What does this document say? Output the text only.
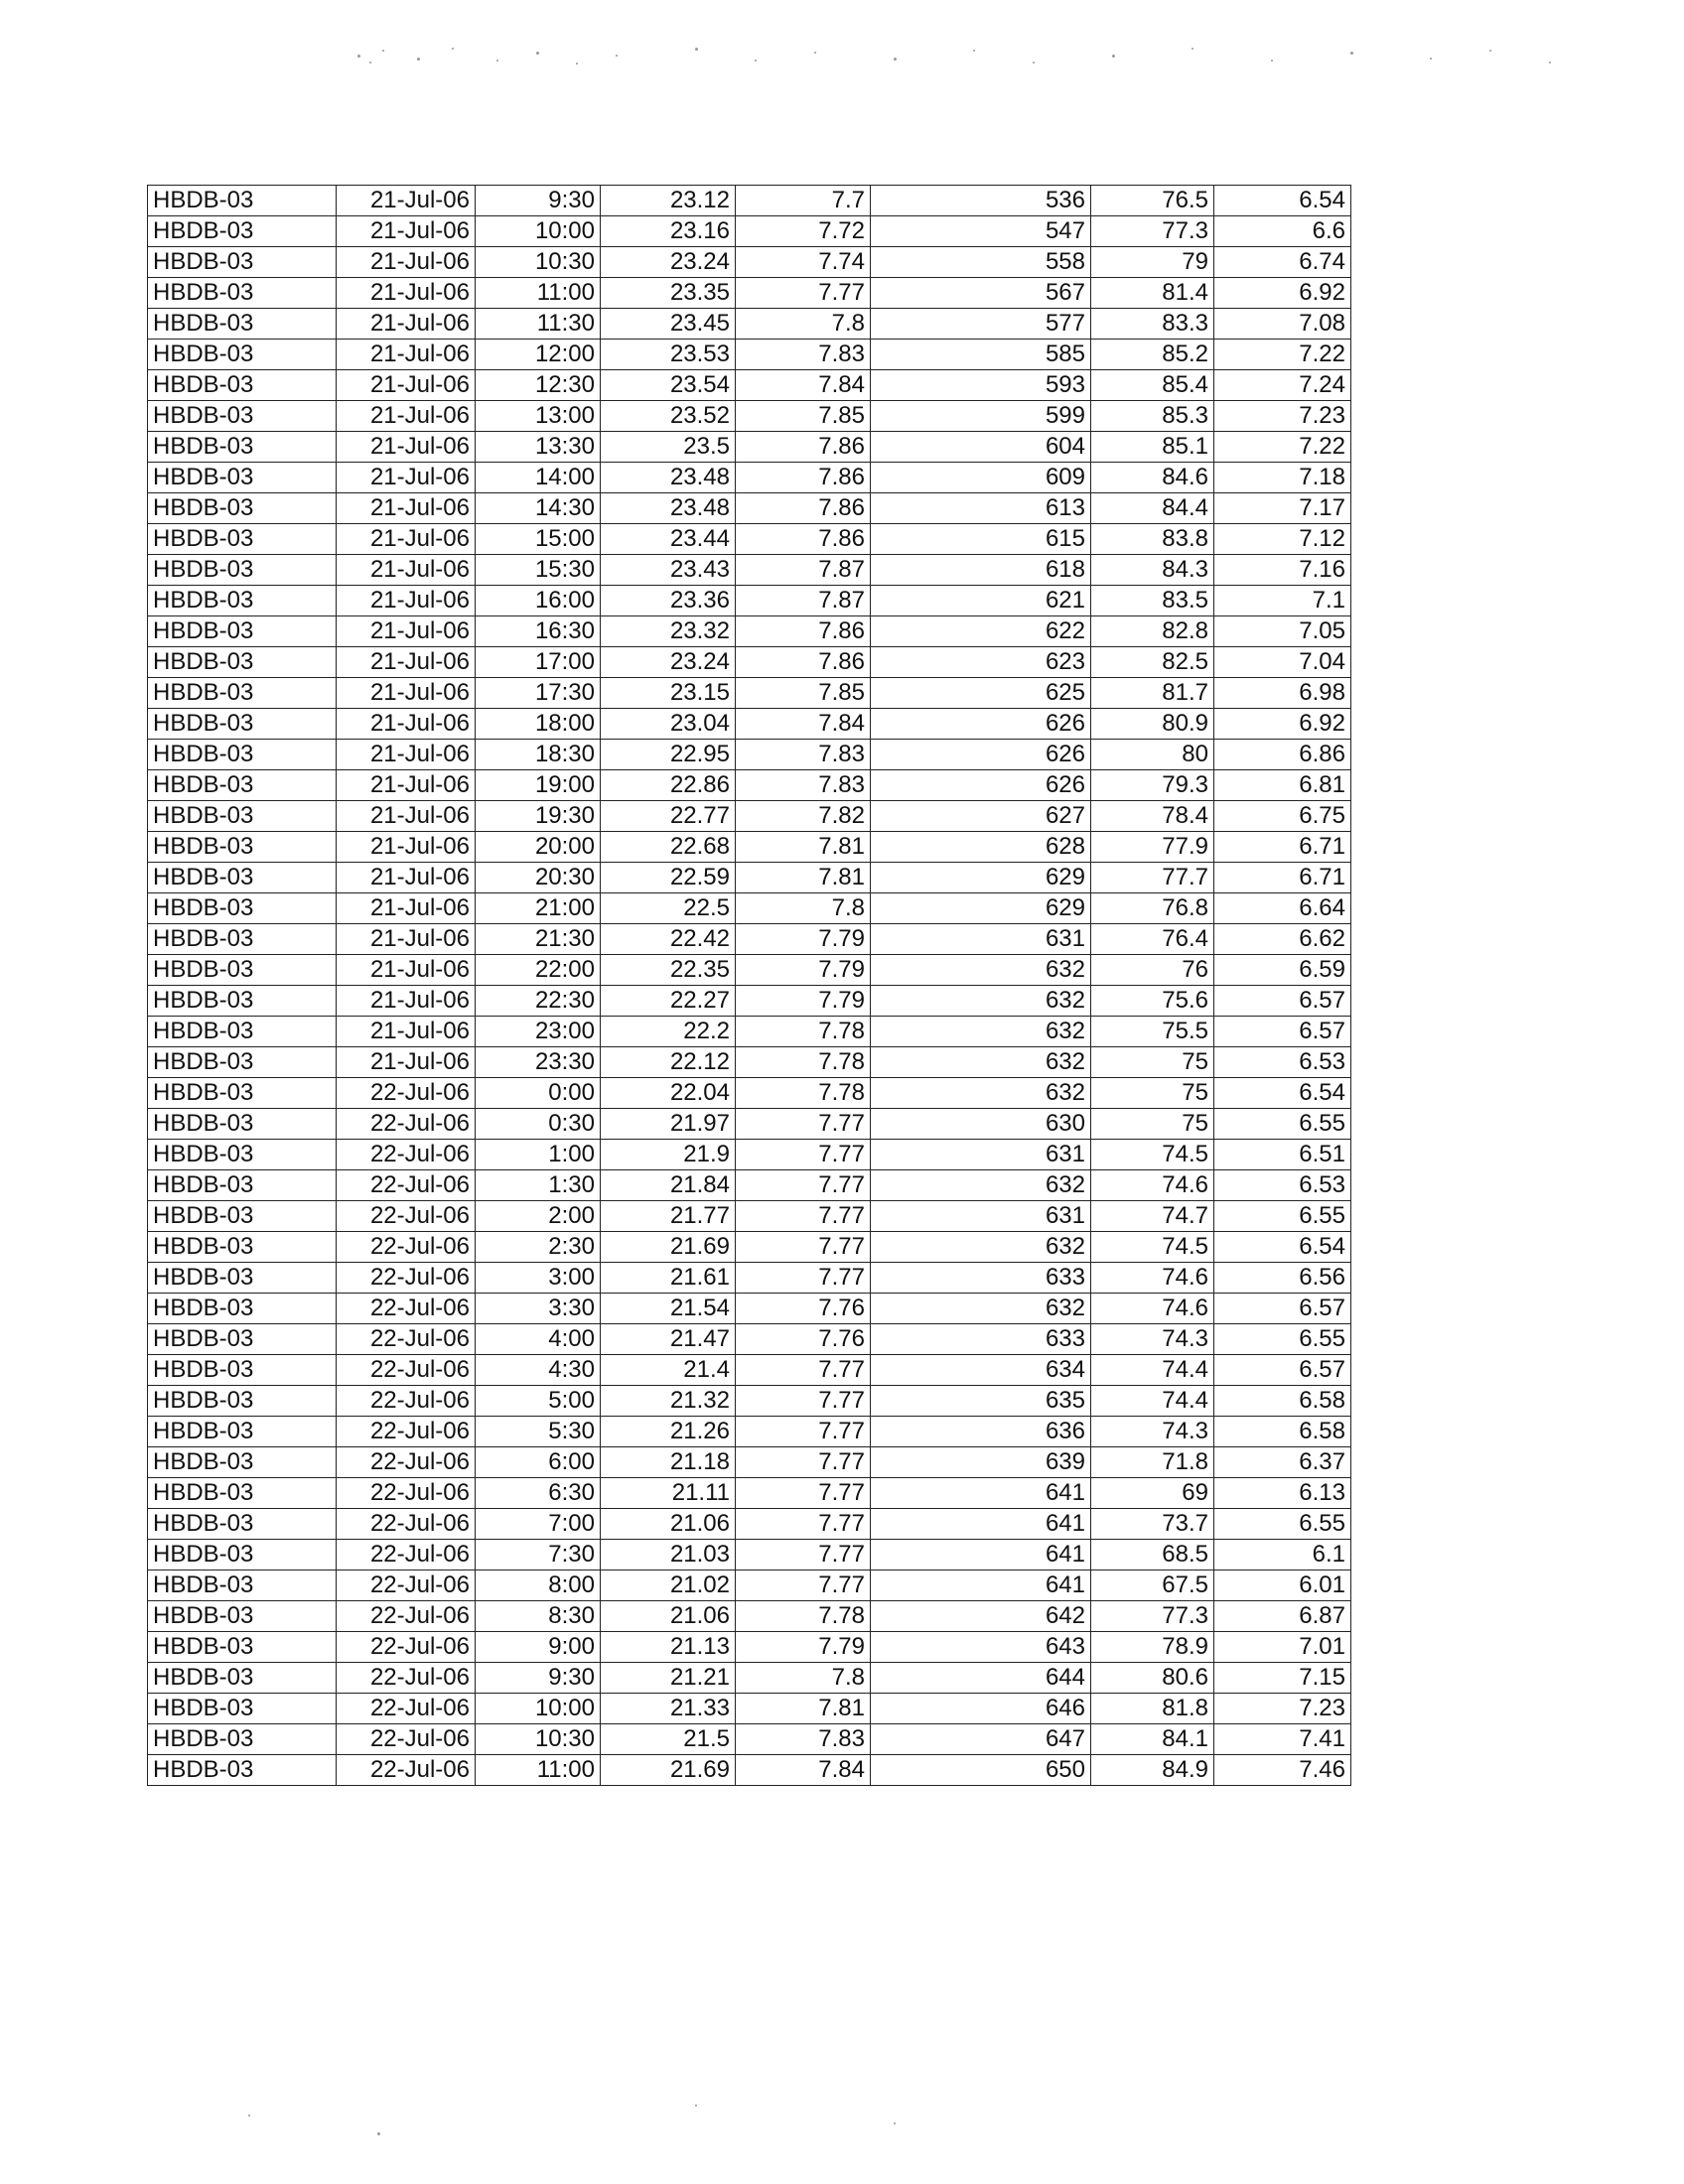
HBDB-03	21-Jul-06	9:30	23.12	7.7	536	76.5	6.54
HBDB-03	21-Jul-06	10:00	23.16	7.72	547	77.3	6.6
HBDB-03	21-Jul-06	10:30	23.24	7.74	558	79	6.74
HBDB-03	21-Jul-06	11:00	23.35	7.77	567	81.4	6.92
HBDB-03	21-Jul-06	11:30	23.45	7.8	577	83.3	7.08
HBDB-03	21-Jul-06	12:00	23.53	7.83	585	85.2	7.22
HBDB-03	21-Jul-06	12:30	23.54	7.84	593	85.4	7.24
HBDB-03	21-Jul-06	13:00	23.52	7.85	599	85.3	7.23
HBDB-03	21-Jul-06	13:30	23.5	7.86	604	85.1	7.22
HBDB-03	21-Jul-06	14:00	23.48	7.86	609	84.6	7.18
HBDB-03	21-Jul-06	14:30	23.48	7.86	613	84.4	7.17
HBDB-03	21-Jul-06	15:00	23.44	7.86	615	83.8	7.12
HBDB-03	21-Jul-06	15:30	23.43	7.87	618	84.3	7.16
HBDB-03	21-Jul-06	16:00	23.36	7.87	621	83.5	7.1
HBDB-03	21-Jul-06	16:30	23.32	7.86	622	82.8	7.05
HBDB-03	21-Jul-06	17:00	23.24	7.86	623	82.5	7.04
HBDB-03	21-Jul-06	17:30	23.15	7.85	625	81.7	6.98
HBDB-03	21-Jul-06	18:00	23.04	7.84	626	80.9	6.92
HBDB-03	21-Jul-06	18:30	22.95	7.83	626	80	6.86
HBDB-03	21-Jul-06	19:00	22.86	7.83	626	79.3	6.81
HBDB-03	21-Jul-06	19:30	22.77	7.82	627	78.4	6.75
HBDB-03	21-Jul-06	20:00	22.68	7.81	628	77.9	6.71
HBDB-03	21-Jul-06	20:30	22.59	7.81	629	77.7	6.71
HBDB-03	21-Jul-06	21:00	22.5	7.8	629	76.8	6.64
HBDB-03	21-Jul-06	21:30	22.42	7.79	631	76.4	6.62
HBDB-03	21-Jul-06	22:00	22.35	7.79	632	76	6.59
HBDB-03	21-Jul-06	22:30	22.27	7.79	632	75.6	6.57
HBDB-03	21-Jul-06	23:00	22.2	7.78	632	75.5	6.57
HBDB-03	21-Jul-06	23:30	22.12	7.78	632	75	6.53
HBDB-03	22-Jul-06	0:00	22.04	7.78	632	75	6.54
HBDB-03	22-Jul-06	0:30	21.97	7.77	630	75	6.55
HBDB-03	22-Jul-06	1:00	21.9	7.77	631	74.5	6.51
HBDB-03	22-Jul-06	1:30	21.84	7.77	632	74.6	6.53
HBDB-03	22-Jul-06	2:00	21.77	7.77	631	74.7	6.55
HBDB-03	22-Jul-06	2:30	21.69	7.77	632	74.5	6.54
HBDB-03	22-Jul-06	3:00	21.61	7.77	633	74.6	6.56
HBDB-03	22-Jul-06	3:30	21.54	7.76	632	74.6	6.57
HBDB-03	22-Jul-06	4:00	21.47	7.76	633	74.3	6.55
HBDB-03	22-Jul-06	4:30	21.4	7.77	634	74.4	6.57
HBDB-03	22-Jul-06	5:00	21.32	7.77	635	74.4	6.58
HBDB-03	22-Jul-06	5:30	21.26	7.77	636	74.3	6.58
HBDB-03	22-Jul-06	6:00	21.18	7.77	639	71.8	6.37
HBDB-03	22-Jul-06	6:30	21.11	7.77	641	69	6.13
HBDB-03	22-Jul-06	7:00	21.06	7.77	641	73.7	6.55
HBDB-03	22-Jul-06	7:30	21.03	7.77	641	68.5	6.1
HBDB-03	22-Jul-06	8:00	21.02	7.77	641	67.5	6.01
HBDB-03	22-Jul-06	8:30	21.06	7.78	642	77.3	6.87
HBDB-03	22-Jul-06	9:00	21.13	7.79	643	78.9	7.01
HBDB-03	22-Jul-06	9:30	21.21	7.8	644	80.6	7.15
HBDB-03	22-Jul-06	10:00	21.33	7.81	646	81.8	7.23
HBDB-03	22-Jul-06	10:30	21.5	7.83	647	84.1	7.41
HBDB-03	22-Jul-06	11:00	21.69	7.84	650	84.9	7.46
